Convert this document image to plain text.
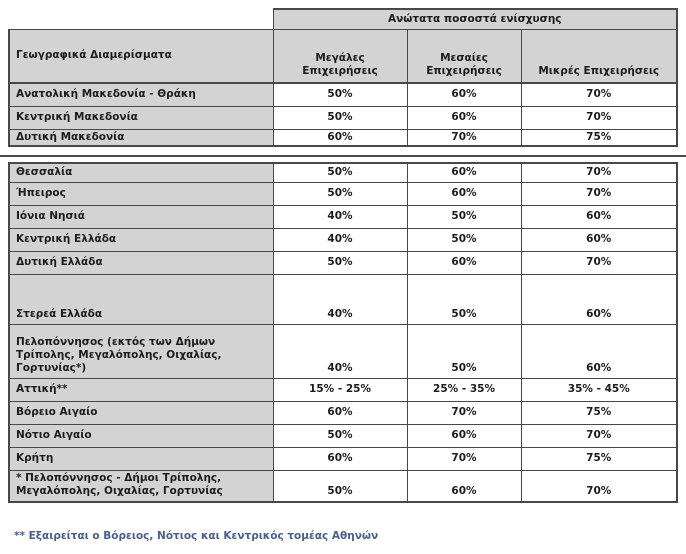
	Ανώτατα ποσοστά ενίσχυσης		
Γεωγραφικά Διαμερίσματα	Μεγάλες Επιχειρήσεις	Μεσαίες Επιχειρήσεις	Μικρές Επιχειρήσεις
Ανατολική Μακεδονία - Θράκη	50%	60%	70%
Κεντρική Μακεδονία	50%	60%	70%
Δυτική Μακεδονία	60%	70%	75%
Θεσσαλία	50%	60%	70%
Ήπειρος	50%	60%	70%
Ιόνια Νησιά	40%	50%	60%
Κεντρική Ελλάδα	40%	50%	60%
Δυτική Ελλάδα	50%	60%	70%
Στερεά Ελλάδα	40%	50%	60%
Πελοπόννησος (εκτός των Δήμων Τρίπολης, Μεγαλόπολης, Οιχαλίας, Γορτυνίας*)	40%	50%	60%
Αττική**	15% - 25%	25% - 35%	35% - 45%
Βόρειο Αιγαίο	60%	70%	75%
Νότιο Αιγαίο	50%	60%	70%
Κρήτη	60%	70%	75%
* Πελοπόννησος - Δήμοι Τρίπολης, Μεγαλόπολης, Οιχαλίας, Γορτυνίας	50%	60%	70%
** Εξαιρείται ο Βόρειος, Νότιος και Κεντρικός τομέας Αθηνών
